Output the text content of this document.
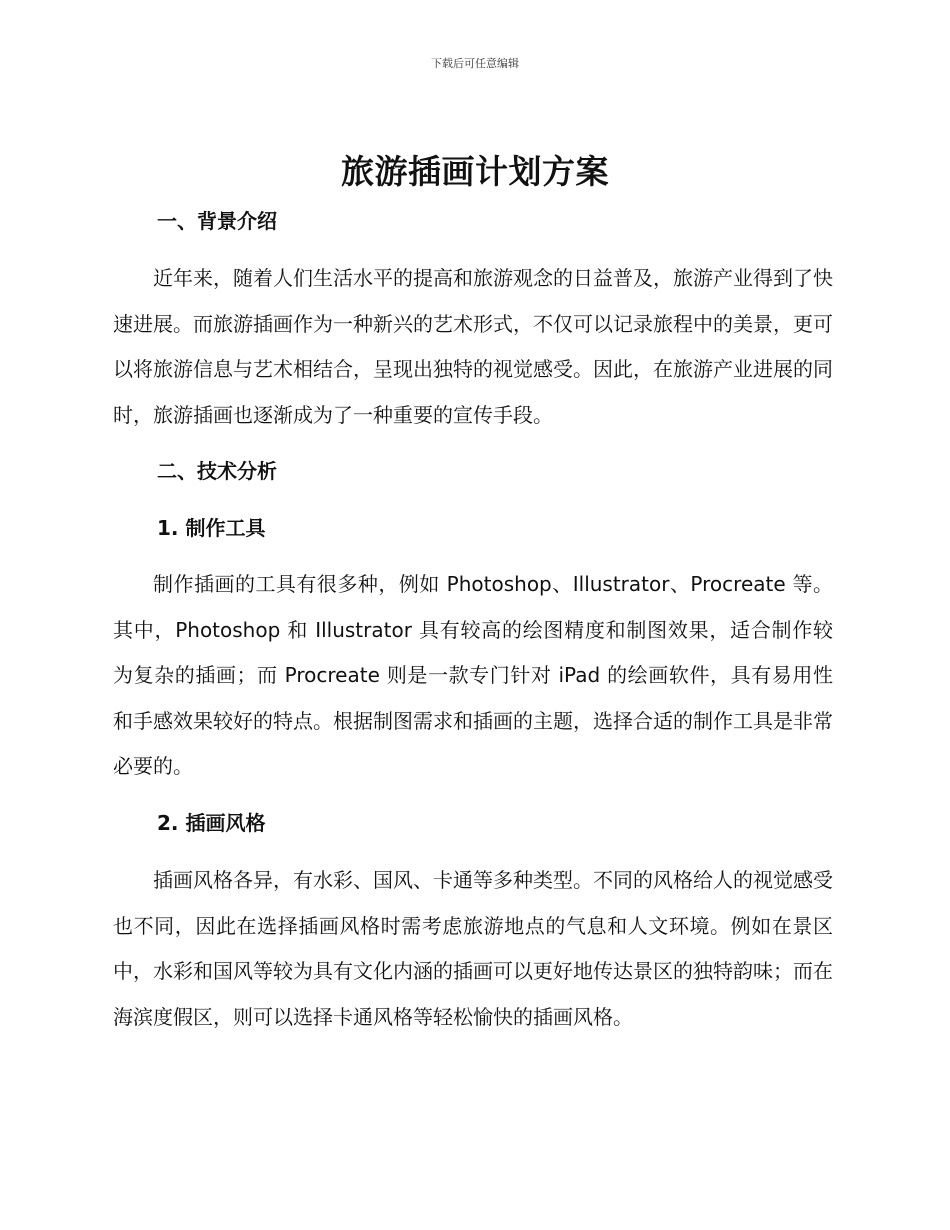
下载后可任意编辑
旅游插画计划方案
一、背景介绍

近年来，随着人们生活水平的提高和旅游观念的日益普及，旅游产业得到了快速进展。而旅游插画作为一种新兴的艺术形式，不仅可以记录旅程中的美景，更可以将旅游信息与艺术相结合，呈现出独特的视觉感受。因此，在旅游产业进展的同时，旅游插画也逐渐成为了一种重要的宣传手段。

二、技术分析
1. 制作工具

制作插画的工具有很多种，例如 Photoshop、Illustrator、Procreate 等。其中，Photoshop 和 Illustrator 具有较高的绘图精度和制图效果，适合制作较为复杂的插画；而 Procreate 则是一款专门针对 iPad 的绘画软件，具有易用性和手感效果较好的特点。根据制图需求和插画的主题，选择合适的制作工具是非常必要的。

2. 插画风格

插画风格各异，有水彩、国风、卡通等多种类型。不同的风格给人的视觉感受也不同，因此在选择插画风格时需考虑旅游地点的气息和人文环境。例如在景区中，水彩和国风等较为具有文化内涵的插画可以更好地传达景区的独特韵味；而在海滨度假区，则可以选择卡通风格等轻松愉快的插画风格。
